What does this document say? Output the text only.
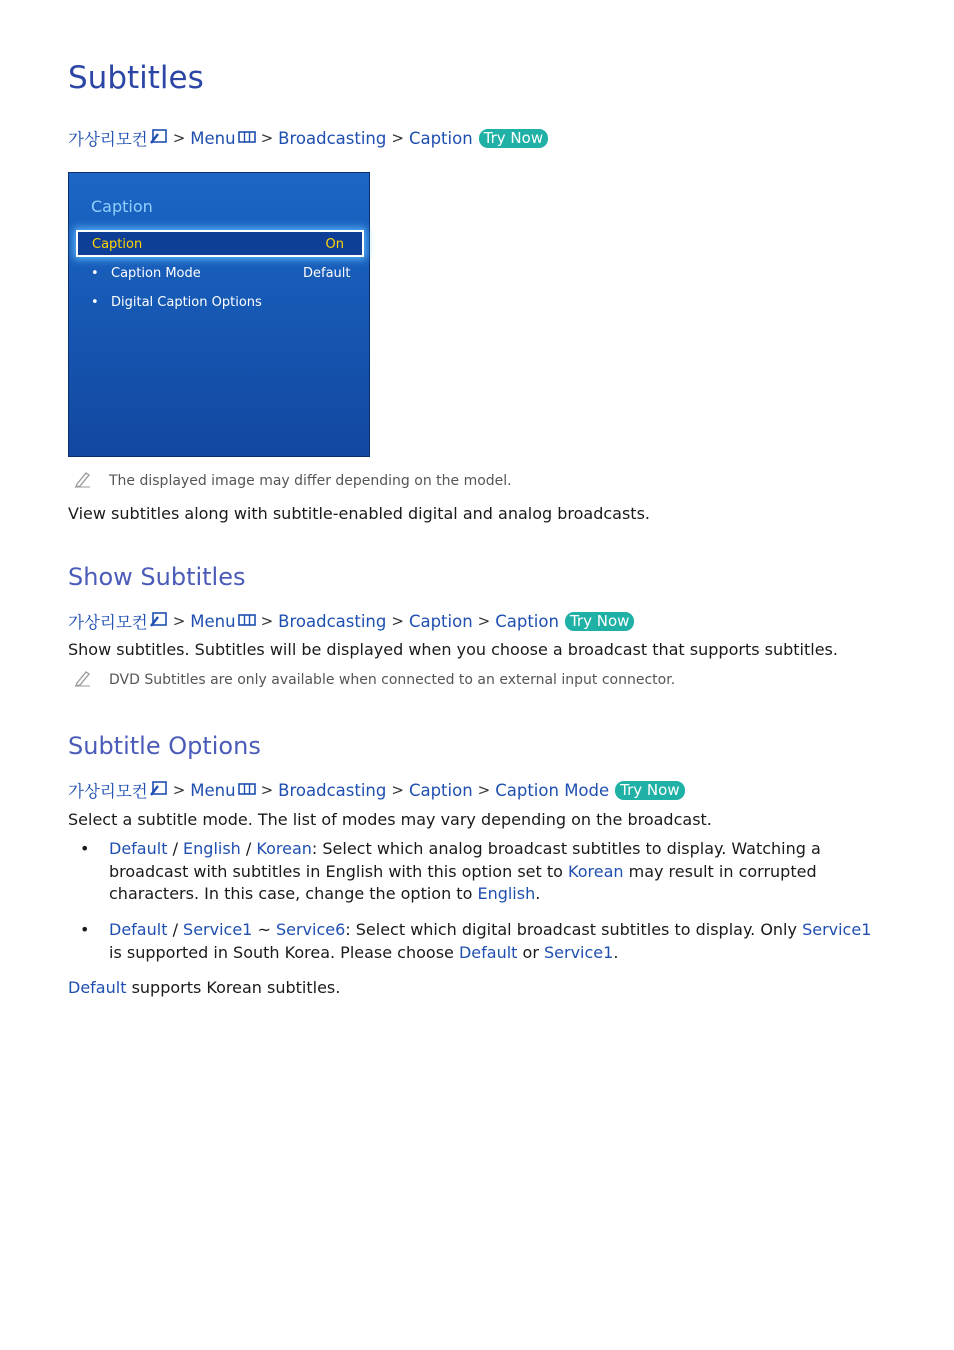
Subtitles
가상리모컨 > Menu > Broadcasting > Caption Try Now
Caption
Caption	On
• Caption Mode	Default
• Digital Caption Options
The displayed image may differ depending on the model.
View subtitles along with subtitle-enabled digital and analog broadcasts.
Show Subtitles
가상리모컨 > Menu > Broadcasting > Caption > Caption Try Now
Show subtitles. Subtitles will be displayed when you choose a broadcast that supports subtitles.
DVD Subtitles are only available when connected to an external input connector.
Subtitle Options
가상리모컨 > Menu > Broadcasting > Caption > Caption Mode Try Now
Select a subtitle mode. The list of modes may vary depending on the broadcast.
• Default / English / Korean: Select which analog broadcast subtitles to display. Watching a
broadcast with subtitles in English with this option set to Korean may result in corrupted
characters. In this case, change the option to English.
• Default / Service1 ~ Service6: Select which digital broadcast subtitles to display. Only Service1
is supported in South Korea. Please choose Default or Service1.
Default supports Korean subtitles.
